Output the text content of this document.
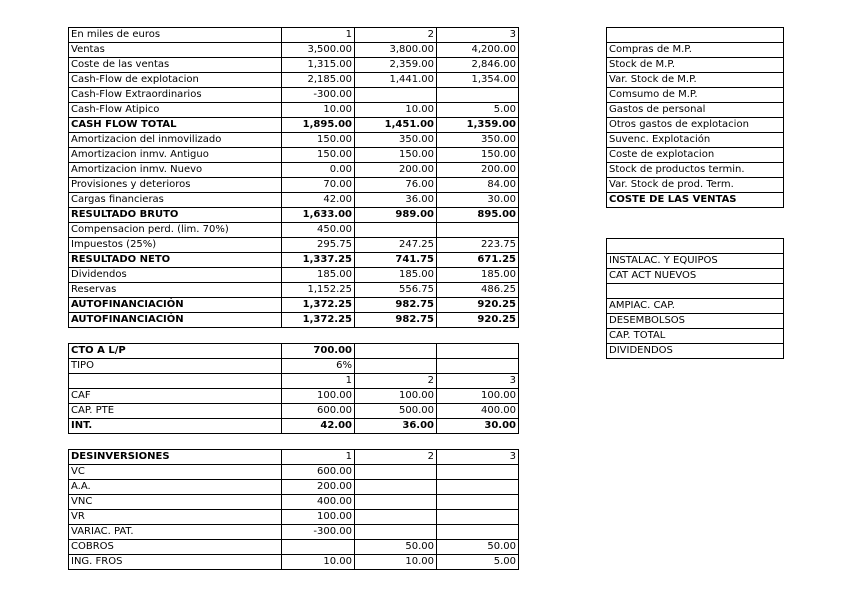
En miles de euros	1	2	3
Ventas	3,500.00	3,800.00	4,200.00
Coste de las ventas	1,315.00	2,359.00	2,846.00
Cash-Flow de explotacion	2,185.00	1,441.00	1,354.00
Cash-Flow Extraordinarios	-300.00		
Cash-Flow Atipico	10.00	10.00	5.00
CASH FLOW TOTAL	1,895.00	1,451.00	1,359.00
Amortizacion del inmovilizado	150.00	350.00	350.00
Amortizacion inmv. Antiguo	150.00	150.00	150.00
Amortizacion inmv. Nuevo	0.00	200.00	200.00
Provisiones y deterioros	70.00	76.00	84.00
Cargas financieras	42.00	36.00	30.00
RESULTADO BRUTO	1,633.00	989.00	895.00
Compensacion perd. (lim. 70%)	450.00		
Impuestos (25%)	295.75	247.25	223.75
RESULTADO NETO	1,337.25	741.75	671.25
Dividendos	185.00	185.00	185.00
Reservas	1,152.25	556.75	486.25
AUTOFINANCIACIÓN	1,372.25	982.75	920.25
AUTOFINANCIACIÓN	1,372.25	982.75	920.25
CTO A L/P	700.00		
TIPO	6%		
	1	2	3
CAF	100.00	100.00	100.00
CAP. PTE	600.00	500.00	400.00
INT.	42.00	36.00	30.00
DESINVERSIONES	1	2	3
VC	600.00		
A.A.	200.00		
VNC	400.00		
VR	100.00		
VARIAC. PAT.	-300.00		
COBROS		50.00	50.00
ING. FROS	10.00	10.00	5.00

Compras de M.P.
Stock de M.P.
Var. Stock de M.P.
Comsumo de M.P.
Gastos de personal
Otros gastos de explotacion
Suvenc. Explotación
Coste de explotacion
Stock de productos termin.
Var. Stock de prod. Term.
COSTE DE LAS VENTAS

INSTALAC. Y EQUIPOS
CAT ACT NUEVOS

AMPIAC. CAP.
DESEMBOLSOS
CAP. TOTAL
DIVIDENDOS
